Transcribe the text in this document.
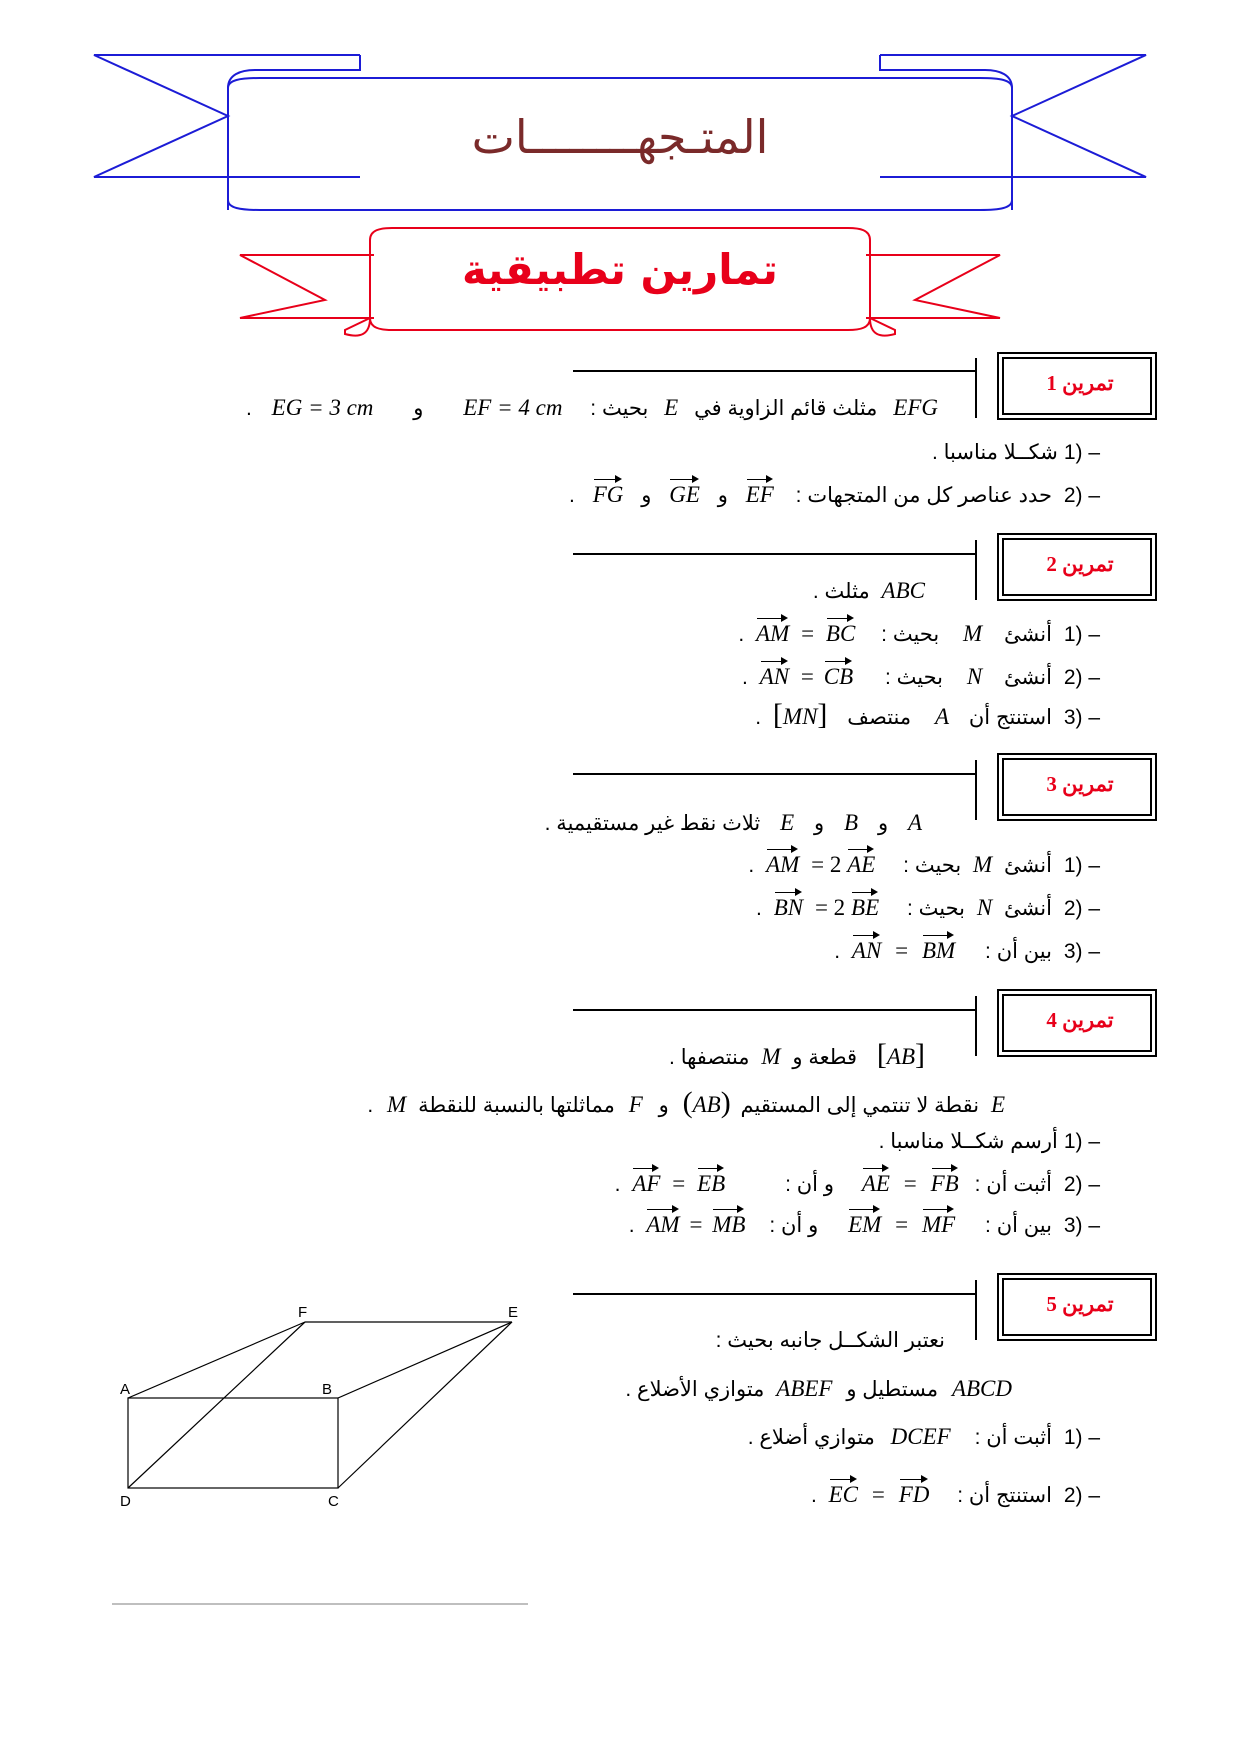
المتـجهــــــــات
تمارين تطبيقية
تمرين 1
. EG = 3 cm و EF = 4 cm بحيث : E مثلث قائم الزاوية في EFG
شكــلا مناسبا . 1) –
. FG و GE و EF حدد عناصر كل من المتجهات : 2) –
تمرين 2
مثلث . ABC
. AM = BC بحيث : M أنشئ 1) –
. AN = CB بحيث : N أنشئ 2) –
. [MN] منتصف A استنتج أن 3) –
تمرين 3
ثلاث نقط غير مستقيمية . E و B و A
. AM = 2 AE بحيث : M أنشئ 1) –
. BN = 2 BE بحيث : N أنشئ 2) –
. AN = BM بين أن : 3) –
تمرين 4
منتصفها . M قطعة و [AB]
. M مماثلتها بالنسبة للنقطة F و (AB) نقطة لا تنتمي إلى المستقيم E
أرسم شكــلا مناسبا . 1) –
. AF = EB	و أن : AE = FB أثبت أن : 2) –
. AM = MB و أن : EM = MF بين أن : 3) –
تمرين 5
نعتبر الشكــل جانبه بحيث :
متوازي الأضلاع . ABEF مستطيل و ABCD
متوازي أضلاع . DCEF أثبت أن : 1) –
. EC = FD استنتج أن : 2) –
F	E
A	B
D	C
